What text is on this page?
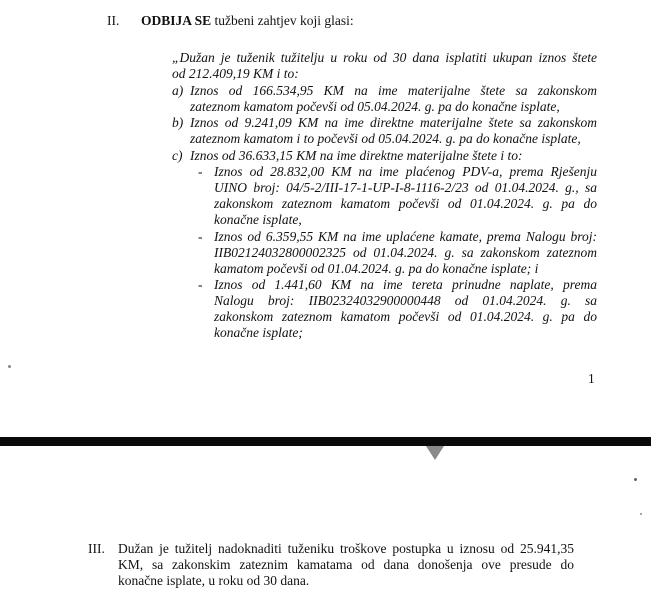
II. ODBIJA SE tužbeni zahtjev koji glasi:
„Dužan je tuženik tužitelju u roku od 30 dana isplatiti ukupan iznos štete
od 212.409,19 KM i to:
a) Iznos od 166.534,95 KM na ime materijalne štete sa zakonskom
zateznom kamatom počevši od 05.04.2024. g. pa do konačne isplate,
b) Iznos od 9.241,09 KM na ime direktne materijalne štete sa zakonskom
zateznom kamatom i to počevši od 05.04.2024. g. pa do konačne isplate,
c) Iznos od 36.633,15 KM na ime direktne materijalne štete i to:
- Iznos od 28.832,00 KM na ime plaćenog PDV-a, prema Rješenju
UINO broj: 04/5-2/III-17-1-UP-I-8-1116-2/23 od 01.04.2024. g., sa
zakonskom zateznom kamatom počevši od 01.04.2024. g. pa do
konačne isplate,
- Iznos od 6.359,55 KM na ime uplaćene kamate, prema Nalogu broj:
IIB02124032800002325 od 01.04.2024. g. sa zakonskom zateznom
kamatom počevši od 01.04.2024. g. pa do konačne isplate; i
- Iznos od 1.441,60 KM na ime tereta prinudne naplate, prema
Nalogu broj: IIB02324032900000448 od 01.04.2024. g. sa
zakonskom zateznom kamatom počevši od 01.04.2024. g. pa do
konačne isplate;
1
III. Dužan je tužitelj nadoknaditi tuženiku troškove postupka u iznosu od 25.941,35
KM, sa zakonskim zateznim kamatama od dana donošenja ove presude do
konačne isplate, u roku od 30 dana.
